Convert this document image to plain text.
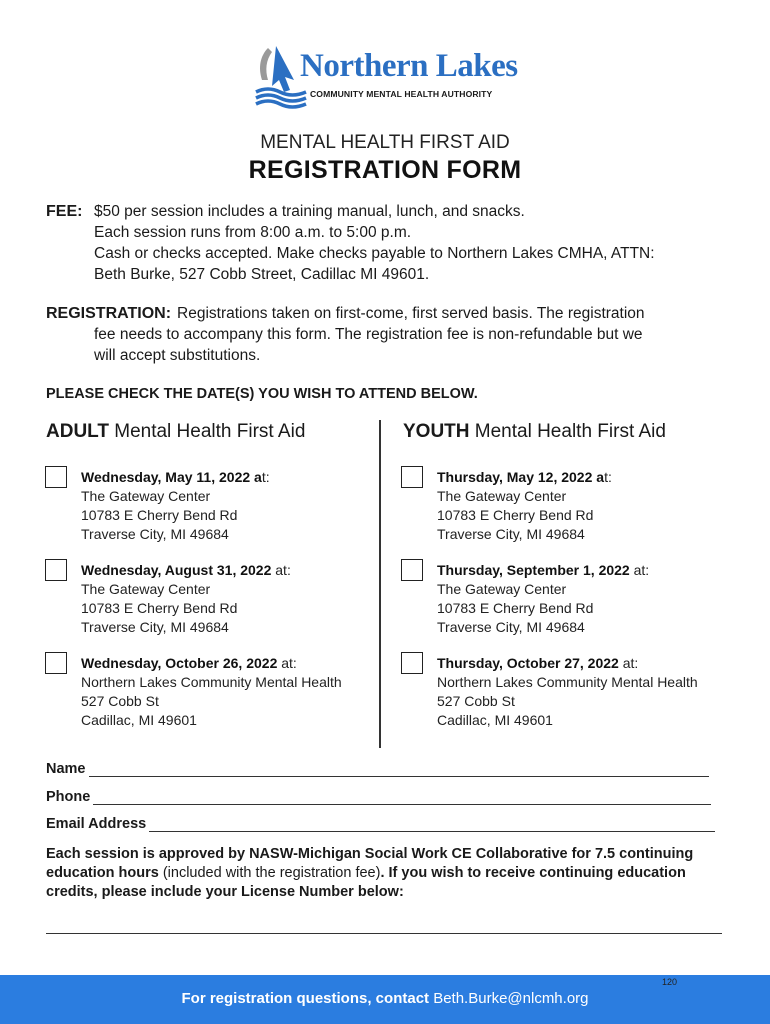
Northern Lakes
COMMUNITY MENTAL HEALTH AUTHORITY
MENTAL HEALTH FIRST AID
REGISTRATION FORM
FEE: $50 per session includes a training manual, lunch, and snacks.
Each session runs from 8:00 a.m. to 5:00 p.m.
Cash or checks accepted. Make checks payable to Northern Lakes CMHA, ATTN:
Beth Burke, 527 Cobb Street, Cadillac MI 49601.
REGISTRATION: Registrations taken on first-come, first served basis. The registration
fee needs to accompany this form. The registration fee is non-refundable but we
will accept substitutions.
PLEASE CHECK THE DATE(S) YOU WISH TO ATTEND BELOW.
ADULT Mental Health First Aid	YOUTH Mental Health First Aid
Wednesday, May 11, 2022 at:
The Gateway Center
10783 E Cherry Bend Rd
Traverse City, MI 49684
Wednesday, August 31, 2022 at:
The Gateway Center
10783 E Cherry Bend Rd
Traverse City, MI 49684
Wednesday, October 26, 2022 at:
Northern Lakes Community Mental Health
527 Cobb St
Cadillac, MI 49601
Thursday, May 12, 2022 at:
The Gateway Center
10783 E Cherry Bend Rd
Traverse City, MI 49684
Thursday, September 1, 2022 at:
The Gateway Center
10783 E Cherry Bend Rd
Traverse City, MI 49684
Thursday, October 27, 2022 at:
Northern Lakes Community Mental Health
527 Cobb St
Cadillac, MI 49601
Name
Phone
Email Address
Each session is approved by NASW-Michigan Social Work CE Collaborative for 7.5 continuing education hours (included with the registration fee). If you wish to receive continuing education credits, please include your License Number below:
For registration questions, contact Beth.Burke@nlcmh.org
120
